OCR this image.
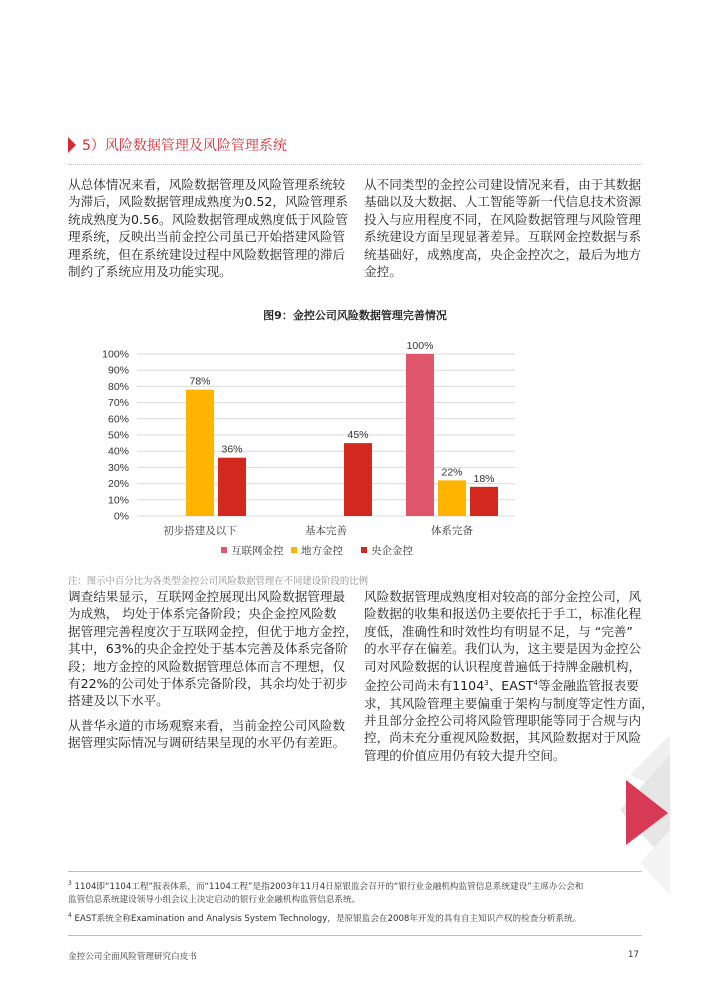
5）风险数据管理及风险管理系统

从总体情况来看，风险数据管理及风险管理系统较
为滞后，风险数据管理成熟度为0.52，风险管理系
统成熟度为0.56。风险数据管理成熟度低于风险管
理系统，反映出当前金控公司虽已开始搭建风险管
理系统，但在系统建设过程中风险数据管理的滞后
制约了系统应用及功能实现。

从不同类型的金控公司建设情况来看，由于其数据
基础以及大数据、人工智能等新一代信息技术资源
投入与应用程度不同，在风险数据管理与风险管理
系统建设方面呈现显著差异。互联网金控数据与系
统基础好，成熟度高，央企金控次之，最后为地方
金控。

图9：金控公司风险数据管理完善情况
0%
10%
20%
30%
40%
50%
60%
70%
80%
90%
100%
78%
36%
初步搭建及以下
45%
基本完善
100%
22%
18%
体系完备
互联网金控 地方金控	央企金控
注：图示中百分比为各类型金控公司风险数据管理在不同建设阶段的比例

调查结果显示，互联网金控展现出风险数据管理最
为成熟， 均处于体系完备阶段；央企金控风险数
据管理完善程度次于互联网金控，但优于地方金控，
其中，63%的央企金控处于基本完善及体系完备阶
段；地方金控的风险数据管理总体而言不理想，仅
有22%的公司处于体系完备阶段，其余均处于初步
搭建及以下水平。

从普华永道的市场观察来看，当前金控公司风险数
据管理实际情况与调研结果呈现的水平仍有差距。

风险数据管理成熟度相对较高的部分金控公司，风
险数据的收集和报送仍主要依托于手工，标准化程
度低，准确性和时效性均有明显不足，与 “完善”
的水平存在偏差。我们认为，这主要是因为金控公
司对风险数据的认识程度普遍低于持牌金融机构，
金控公司尚未有1104$^3$、EAST$^4$等金融监管报表要
求，其风险管理主要偏重于架构与制度等定性方面，
并且部分金控公司将风险管理职能等同于合规与内
控，尚未充分重视风险数据，其风险数据对于风险
管理的价值应用仍有较大提升空间。

$^3$ 1104即“1104工程”报表体系，而“1104工程”是指2003年11月4日原银监会召开的“银行业金融机构监管信息系统建设”主席办公会和
监管信息系统建设领导小组会议上决定启动的银行业金融机构监管信息系统。
$^4$ EAST系统全称Examination and Analysis System Technology，是原银监会在2008年开发的具有自主知识产权的检查分析系统。
金控公司全面风险管理研究白皮书	17
